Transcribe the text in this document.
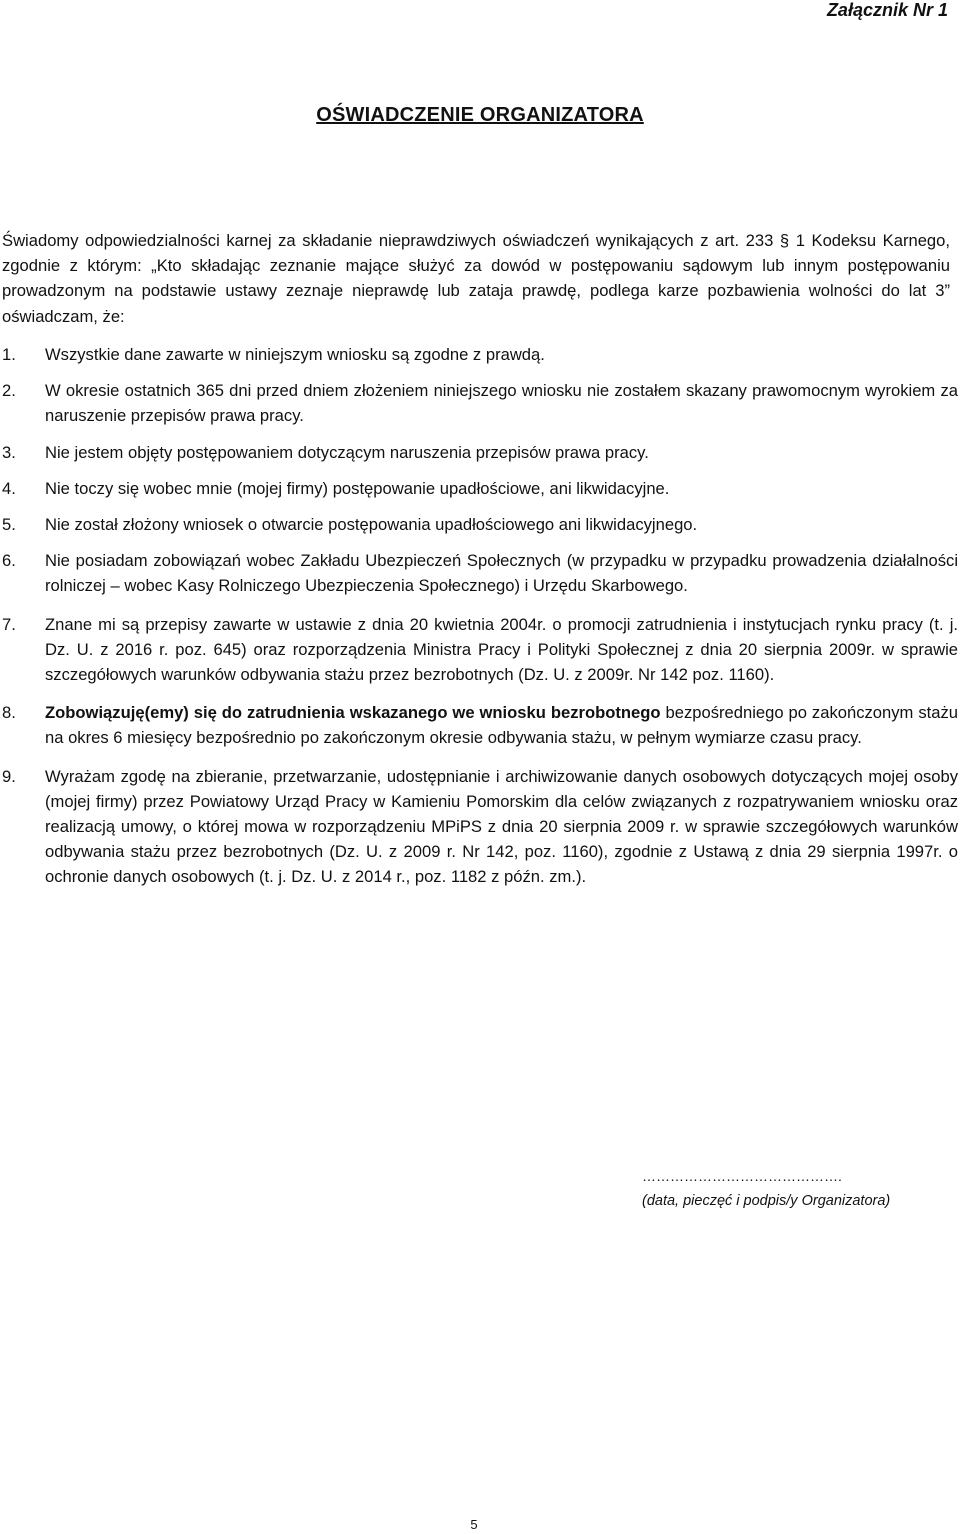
Załącznik Nr 1
OŚWIADCZENIE ORGANIZATORA

Świadomy odpowiedzialności karnej za składanie nieprawdziwych oświadczeń wynikających z art. 233 § 1 Kodeksu Karnego, zgodnie z którym: „Kto składając zeznanie mające służyć za dowód w postępowaniu sądowym lub innym postępowaniu prowadzonym na podstawie ustawy zeznaje nieprawdę lub zataja prawdę, podlega karze pozbawienia wolności do lat 3” oświadczam, że:

1. Wszystkie dane zawarte w niniejszym wniosku są zgodne z prawdą.
2. W okresie ostatnich 365 dni przed dniem złożeniem niniejszego wniosku nie zostałem skazany prawomocnym wyrokiem za naruszenie przepisów prawa pracy.
3. Nie jestem objęty postępowaniem dotyczącym naruszenia przepisów prawa pracy.
4. Nie toczy się wobec mnie (mojej firmy) postępowanie upadłościowe, ani likwidacyjne.
5. Nie został złożony wniosek o otwarcie postępowania upadłościowego ani likwidacyjnego.
6. Nie posiadam zobowiązań wobec Zakładu Ubezpieczeń Społecznych (w przypadku w przypadku prowadzenia działalności rolniczej – wobec Kasy Rolniczego Ubezpieczenia Społecznego) i Urzędu Skarbowego.
7. Znane mi są przepisy zawarte w ustawie z dnia 20 kwietnia 2004r. o promocji zatrudnienia i instytucjach rynku pracy (t. j. Dz. U. z 2016 r. poz. 645) oraz rozporządzenia Ministra Pracy i Polityki Społecznej z dnia 20 sierpnia 2009r. w sprawie szczegółowych warunków odbywania stażu przez bezrobotnych (Dz. U. z 2009r. Nr 142 poz. 1160).
8. Zobowiązuję(emy) się do zatrudnienia wskazanego we wniosku bezrobotnego bezpośredniego po zakończonym stażu na okres 6 miesięcy bezpośrednio po zakończonym okresie odbywania stażu, w pełnym wymiarze czasu pracy.
9. Wyrażam zgodę na zbieranie, przetwarzanie, udostępnianie i archiwizowanie danych osobowych dotyczących mojej osoby (mojej firmy) przez Powiatowy Urząd Pracy w Kamieniu Pomorskim dla celów związanych z rozpatrywaniem wniosku oraz realizacją umowy, o której mowa w rozporządzeniu MPiPS z dnia 20 sierpnia 2009 r. w sprawie szczegółowych warunków odbywania stażu przez bezrobotnych (Dz. U. z 2009 r. Nr 142, poz. 1160), zgodnie z Ustawą z dnia 29 sierpnia 1997r. o ochronie danych osobowych (t. j. Dz. U. z 2014 r., poz. 1182 z późn. zm.).
…………………………………….
(data, pieczęć i podpis/y Organizatora)
5
